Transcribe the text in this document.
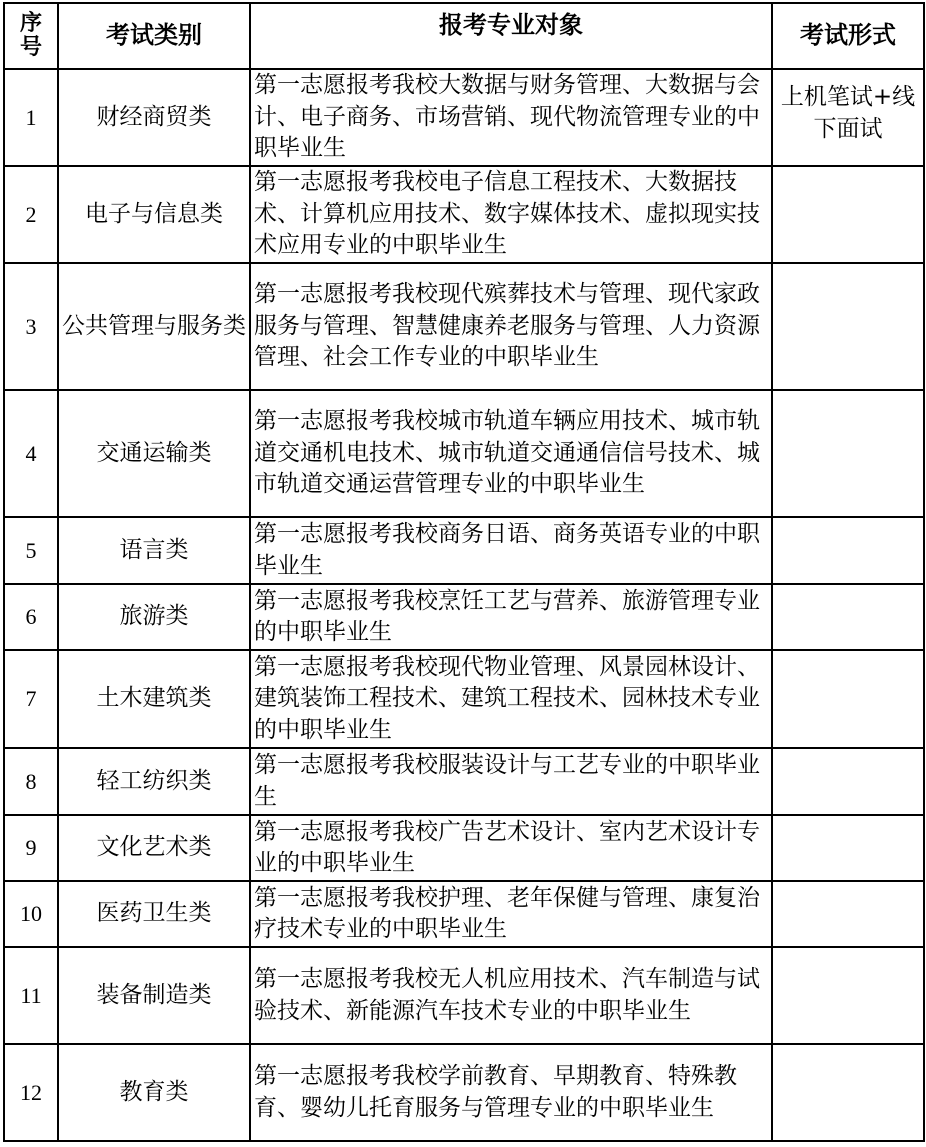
序
号	考试类别	报考专业对象	考试形式
1	财经商贸类	第一志愿报考我校大数据与财务管理、大数据与会计、电子商务、市场营销、现代物流管理专业的中职毕业生	上机笔试+线下面试
2	电子与信息类	第一志愿报考我校电子信息工程技术、大数据技术、计算机应用技术、数字媒体技术、虚拟现实技术应用专业的中职毕业生	
3	公共管理与服务类	第一志愿报考我校现代殡葬技术与管理、现代家政服务与管理、智慧健康养老服务与管理、人力资源管理、社会工作专业的中职毕业生	
4	交通运输类	第一志愿报考我校城市轨道车辆应用技术、城市轨道交通机电技术、城市轨道交通通信信号技术、城市轨道交通运营管理专业的中职毕业生	
5	语言类	第一志愿报考我校商务日语、商务英语专业的中职毕业生	
6	旅游类	第一志愿报考我校烹饪工艺与营养、旅游管理专业的中职毕业生	
7	土木建筑类	第一志愿报考我校现代物业管理、风景园林设计、建筑装饰工程技术、建筑工程技术、园林技术专业的中职毕业生	
8	轻工纺织类	第一志愿报考我校服装设计与工艺专业的中职毕业生	
9	文化艺术类	第一志愿报考我校广告艺术设计、室内艺术设计专业的中职毕业生	
10	医药卫生类	第一志愿报考我校护理、老年保健与管理、康复治疗技术专业的中职毕业生	
11	装备制造类	第一志愿报考我校无人机应用技术、汽车制造与试验技术、新能源汽车技术专业的中职毕业生	
12	教育类	第一志愿报考我校学前教育、早期教育、特殊教育、婴幼儿托育服务与管理专业的中职毕业生	
